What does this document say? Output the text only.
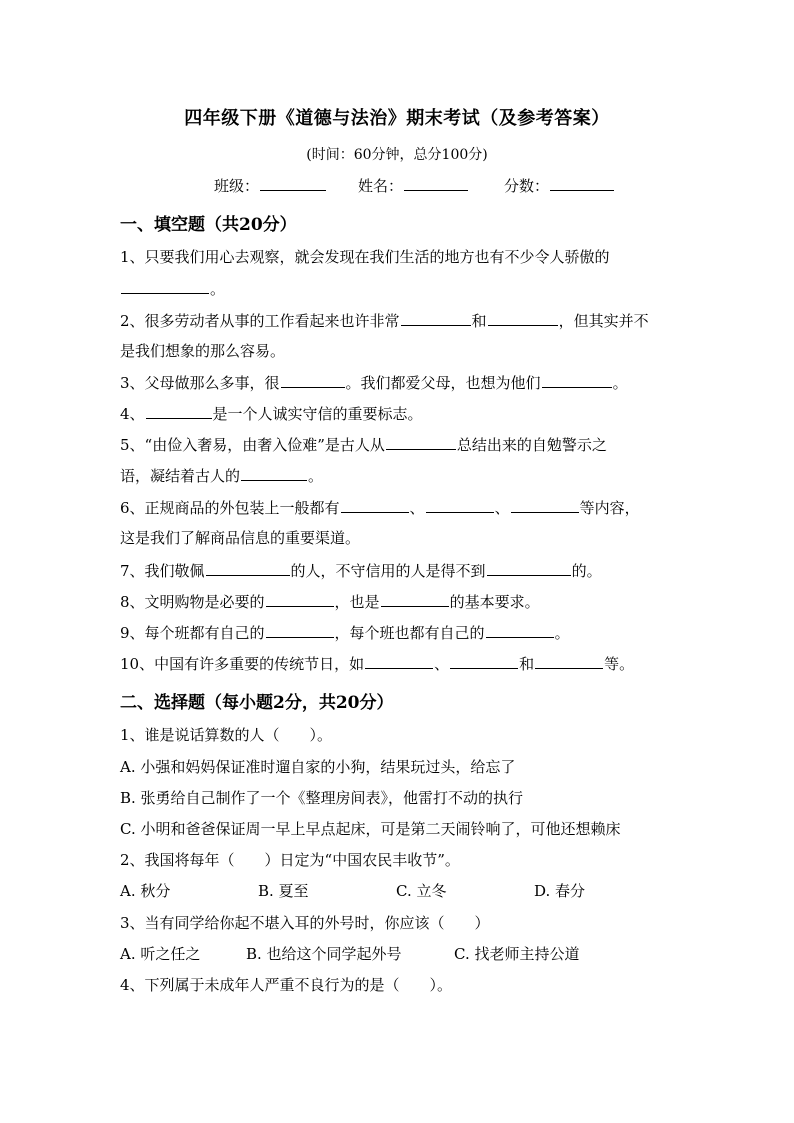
四年级下册《道德与法治》期末考试（及参考答案）
(时间：60分钟，总分100分)
班级：	姓名：	分数：
一、填空题（共20分）
1、只要我们用心去观察，就会发现在我们生活的地方也有不少令人骄傲的
。
2、很多劳动者从事的工作看起来也许非常	和	，但其实并不
是我们想象的那么容易。
3、父母做那么多事，很	。我们都爱父母，也想为他们	。
4、	是一个人诚实守信的重要标志。
5、“由俭入奢易，由奢入俭难”是古人从	总结出来的自勉警示之
语，凝结着古人的	。
6、正规商品的外包装上一般都有	、	、	等内容，
这是我们了解商品信息的重要渠道。
7、我们敬佩	的人，不守信用的人是得不到	的。
8、文明购物是必要的	，也是	的基本要求。
9、每个班都有自己的	，每个班也都有自己的	。
10、中国有许多重要的传统节日，如	、	和	等。
二、选择题（每小题2分，共20分）
1、谁是说话算数的人（　　）。
A. 小强和妈妈保证准时遛自家的小狗，结果玩过头，给忘了
B. 张勇给自己制作了一个《整理房间表》，他雷打不动的执行
C. 小明和爸爸保证周一早上早点起床，可是第二天闹铃响了，可他还想赖床
2、我国将每年（　　）日定为“中国农民丰收节”。
A. 秋分	B. 夏至	C. 立冬	D. 春分
3、当有同学给你起不堪入耳的外号时，你应该（　　）
A. 听之任之	B. 也给这个同学起外号	C. 找老师主持公道
4、下列属于未成年人严重不良行为的是（　　）。
